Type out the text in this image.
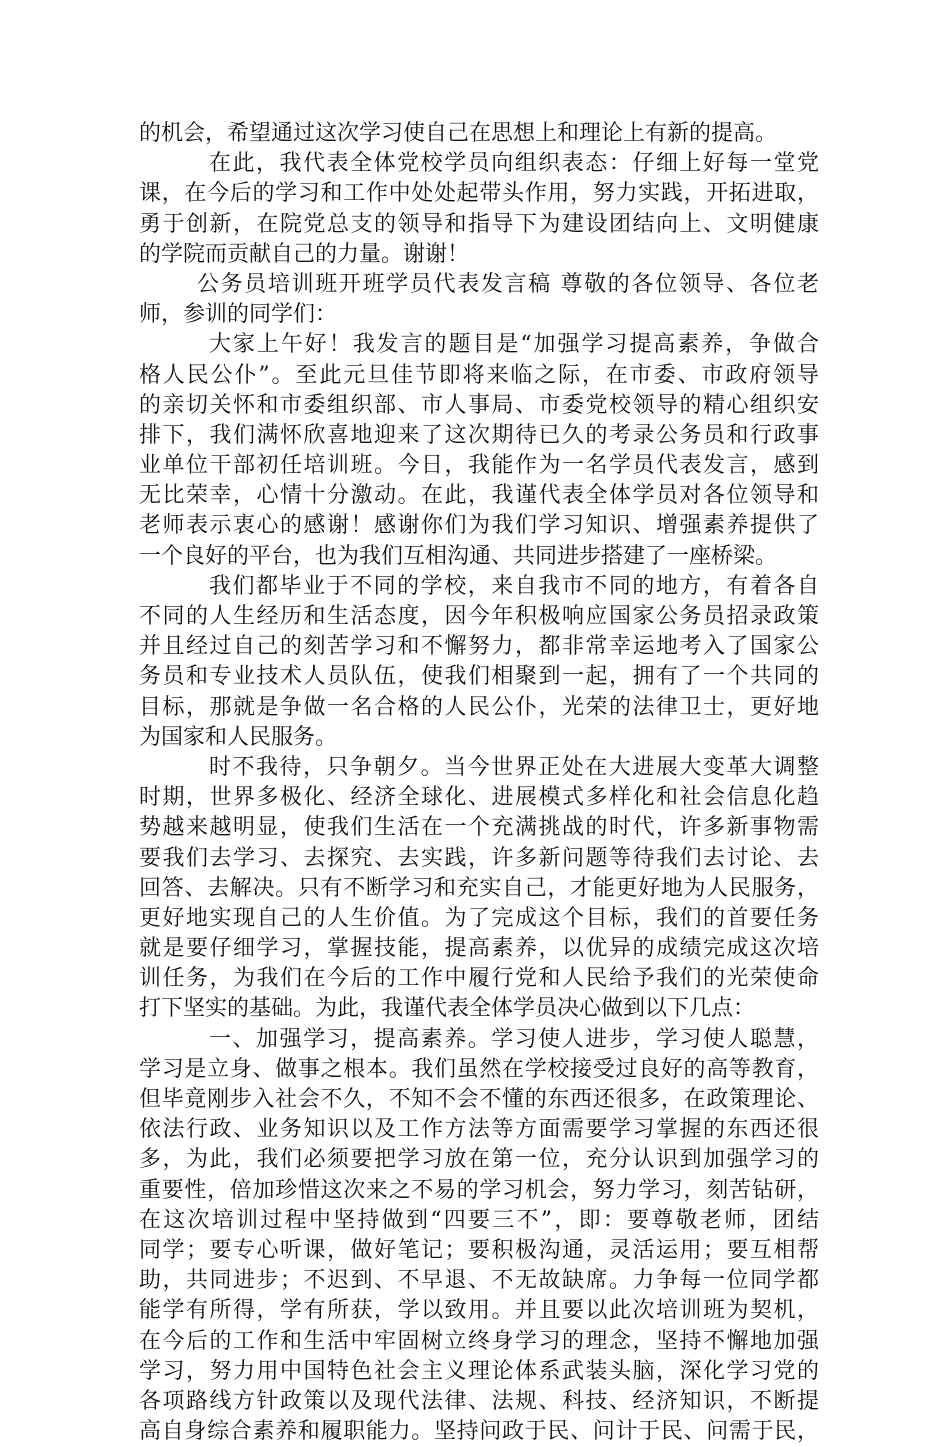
的机会，希望通过这次学习使自己在思想上和理论上有新的提高。
在此，我代表全体党校学员向组织表态：仔细上好每一堂党
课，在今后的学习和工作中处处起带头作用，努力实践，开拓进取，
勇于创新，在院党总支的领导和指导下为建设团结向上、文明健康
的学院而贡献自己的力量。谢谢！
公务员培训班开班学员代表发言稿 尊敬的各位领导、各位老
师，参训的同学们：
大家上午好！我发言的题目是“加强学习提高素养，争做合
格人民公仆”。至此元旦佳节即将来临之际，在市委、市政府领导
的亲切关怀和市委组织部、市人事局、市委党校领导的精心组织安
排下，我们满怀欣喜地迎来了这次期待已久的考录公务员和行政事
业单位干部初任培训班。今日，我能作为一名学员代表发言，感到
无比荣幸，心情十分激动。在此，我谨代表全体学员对各位领导和
老师表示衷心的感谢！感谢你们为我们学习知识、增强素养提供了
一个良好的平台，也为我们互相沟通、共同进步搭建了一座桥梁。
我们都毕业于不同的学校，来自我市不同的地方，有着各自
不同的人生经历和生活态度，因今年积极响应国家公务员招录政策
并且经过自己的刻苦学习和不懈努力，都非常幸运地考入了国家公
务员和专业技术人员队伍，使我们相聚到一起，拥有了一个共同的
目标，那就是争做一名合格的人民公仆，光荣的法律卫士，更好地
为国家和人民服务。
时不我待，只争朝夕。当今世界正处在大进展大变革大调整
时期，世界多极化、经济全球化、进展模式多样化和社会信息化趋
势越来越明显，使我们生活在一个充满挑战的时代，许多新事物需
要我们去学习、去探究、去实践，许多新问题等待我们去讨论、去
回答、去解决。只有不断学习和充实自己，才能更好地为人民服务，
更好地实现自己的人生价值。为了完成这个目标，我们的首要任务
就是要仔细学习，掌握技能，提高素养，以优异的成绩完成这次培
训任务，为我们在今后的工作中履行党和人民给予我们的光荣使命
打下坚实的基础。为此，我谨代表全体学员决心做到以下几点：
一、加强学习，提高素养。学习使人进步，学习使人聪慧，
学习是立身、做事之根本。我们虽然在学校接受过良好的高等教育，
但毕竟刚步入社会不久，不知不会不懂的东西还很多，在政策理论、
依法行政、业务知识以及工作方法等方面需要学习掌握的东西还很
多，为此，我们必须要把学习放在第一位，充分认识到加强学习的
重要性，倍加珍惜这次来之不易的学习机会，努力学习，刻苦钻研，
在这次培训过程中坚持做到“四要三不”，即：要尊敬老师，团结
同学；要专心听课，做好笔记；要积极沟通，灵活运用；要互相帮
助，共同进步；不迟到、不早退、不无故缺席。力争每一位同学都
能学有所得，学有所获，学以致用。并且要以此次培训班为契机，
在今后的工作和生活中牢固树立终身学习的理念，坚持不懈地加强
学习，努力用中国特色社会主义理论体系武装头脑，深化学习党的
各项路线方针政策以及现代法律、法规、科技、经济知识，不断提
高自身综合素养和履职能力。坚持问政于民、问计于民、问需于民，
